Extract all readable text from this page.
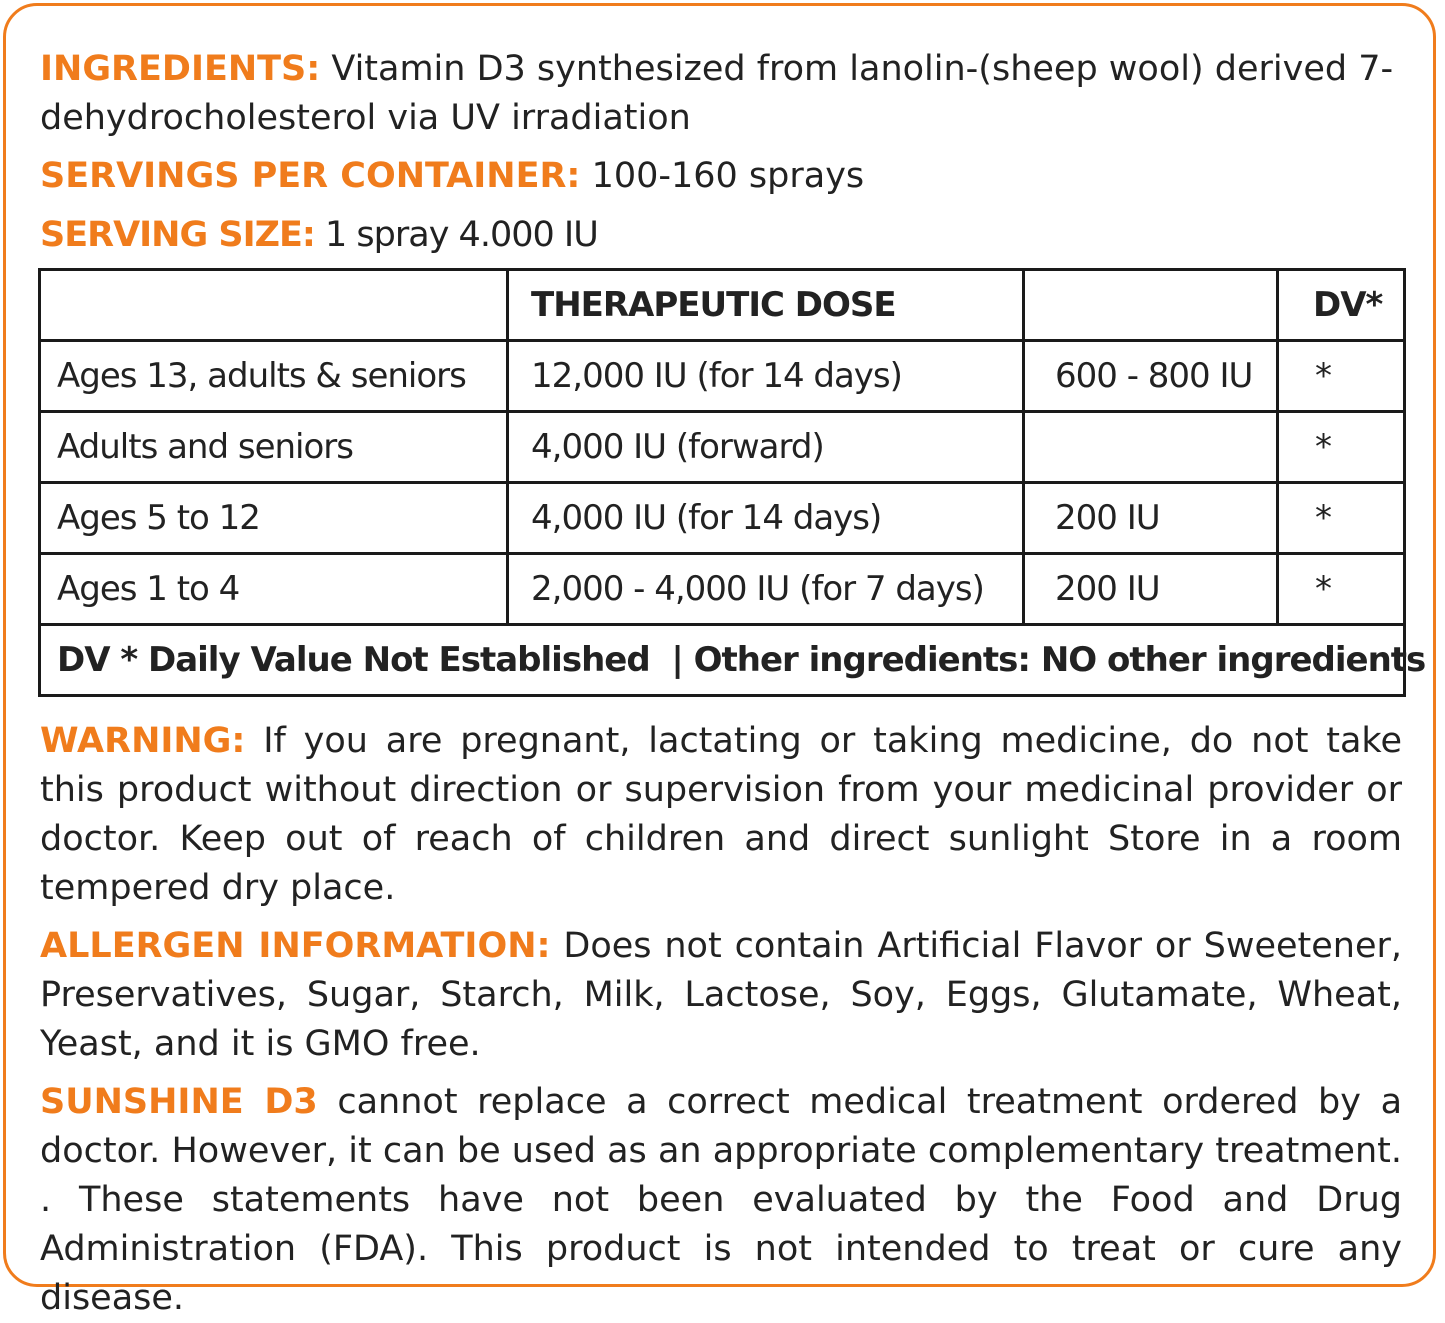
INGREDIENTS: Vitamin D3 synthesized from lanolin-(sheep wool) derived 7-dehydrocholesterol via UV irradiation

SERVINGS PER CONTAINER: 100-160 sprays

SERVING SIZE: 1 spray 4.000 IU

	THERAPEUTIC DOSE		DV*
Ages 13, adults & seniors	12,000 IU (for 14 days)	600 - 800 IU	*
Adults and seniors	4,000 IU (forward)		*
Ages 5 to 12	4,000 IU (for 14 days)	200 IU	*
Ages 1 to 4	2,000 - 4,000 IU (for 7 days)	200 IU	*
DV * Daily Value Not Established  | Other ingredients: NO other ingredients			

WARNING: If you are pregnant, lactating or taking medicine, do not take this product without direction or supervision from your medicinal provider or doctor. Keep out of reach of children and direct sunlight Store in a room tempered dry place.

ALLERGEN INFORMATION: Does not contain Artificial Flavor or Sweetener, Preservatives, Sugar, Starch, Milk, Lactose, Soy, Eggs, Glutamate, Wheat, Yeast, and it is GMO free.

SUNSHINE D3 cannot replace a correct medical treatment ordered by a doctor. However, it can be used as an appropriate complementary treatment. . These statements have not been evaluated by the Food and Drug Administration (FDA). This product is not intended to treat or cure any disease.
